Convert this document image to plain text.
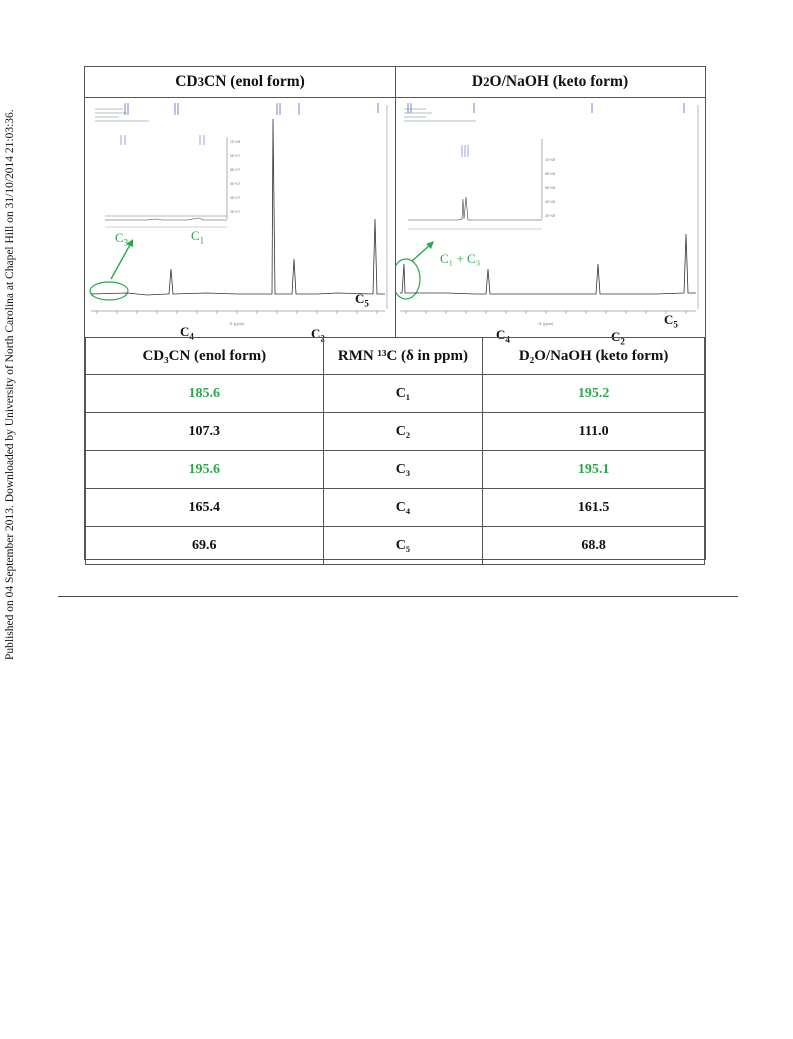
Published on 04 September 2013. Downloaded by University of North Carolina at Chapel Hill on 31/10/2014 21:03:36.
CD 3 CN (enol form)	D 2 O/NaOH (keto form)
1E+08
9E+07
8E+07
6E+07
4E+07
2E+07
f1 (ppm)
$C_3$	$C_1$
$C_4$	$C_2$
$C_5$
1E+08
8E+08
6E+08
4E+08
2E+08
f1 (ppm)
C₁ + C₃
$C_4$	$C_2$
$C_5$
CD₃CN (enol form)	RMN ¹³C (δ in ppm)	D₂O/NaOH (keto form)
185.6	C₁	195.2
107.3	C₂	111.0
195.6	C₃	195.1
165.4	C₄	161.5
69.6	C₅	68.8
